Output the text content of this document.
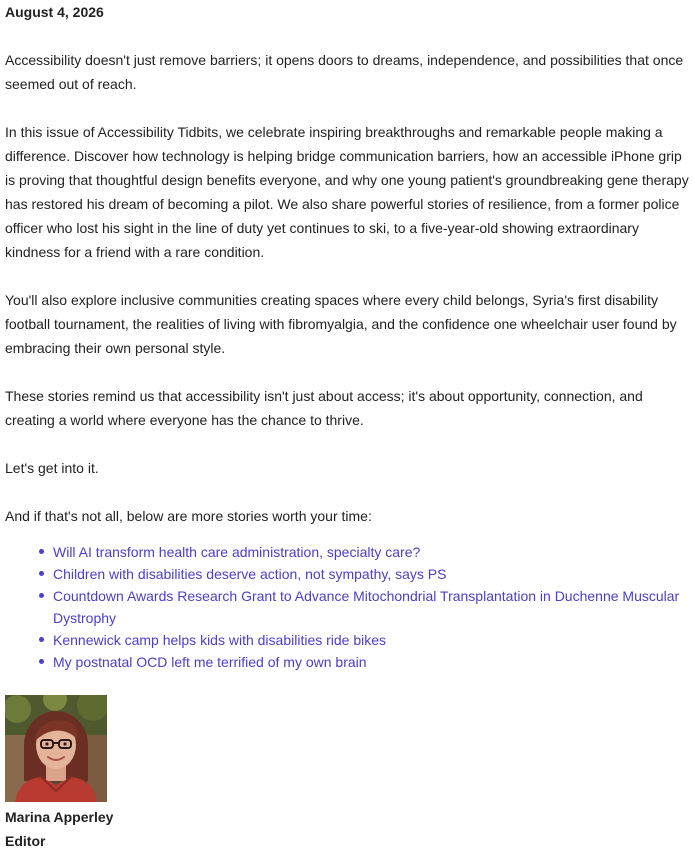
August 4, 2026

Accessibility doesn't just remove barriers; it opens doors to dreams, independence, and possibilities that once seemed out of reach.

In this issue of Accessibility Tidbits, we celebrate inspiring breakthroughs and remarkable people making a difference. Discover how technology is helping bridge communication barriers, how an accessible iPhone grip is proving that thoughtful design benefits everyone, and why one young patient's groundbreaking gene therapy has restored his dream of becoming a pilot. We also share powerful stories of resilience, from a former police officer who lost his sight in the line of duty yet continues to ski, to a five-year-old showing extraordinary kindness for a friend with a rare condition.

You'll also explore inclusive communities creating spaces where every child belongs, Syria's first disability football tournament, the realities of living with fibromyalgia, and the confidence one wheelchair user found by embracing their own personal style.

These stories remind us that accessibility isn't just about access; it's about opportunity, connection, and creating a world where everyone has the chance to thrive.

Let's get into it.

And if that's not all, below are more stories worth your time:

Will AI transform health care administration, specialty care?
Children with disabilities deserve action, not sympathy, says PS
Countdown Awards Research Grant to Advance Mitochondrial Transplantation in Duchenne Muscular Dystrophy
Kennewick camp helps kids with disabilities ride bikes
My postnatal OCD left me terrified of my own brain

Marina Apperley

Editor
